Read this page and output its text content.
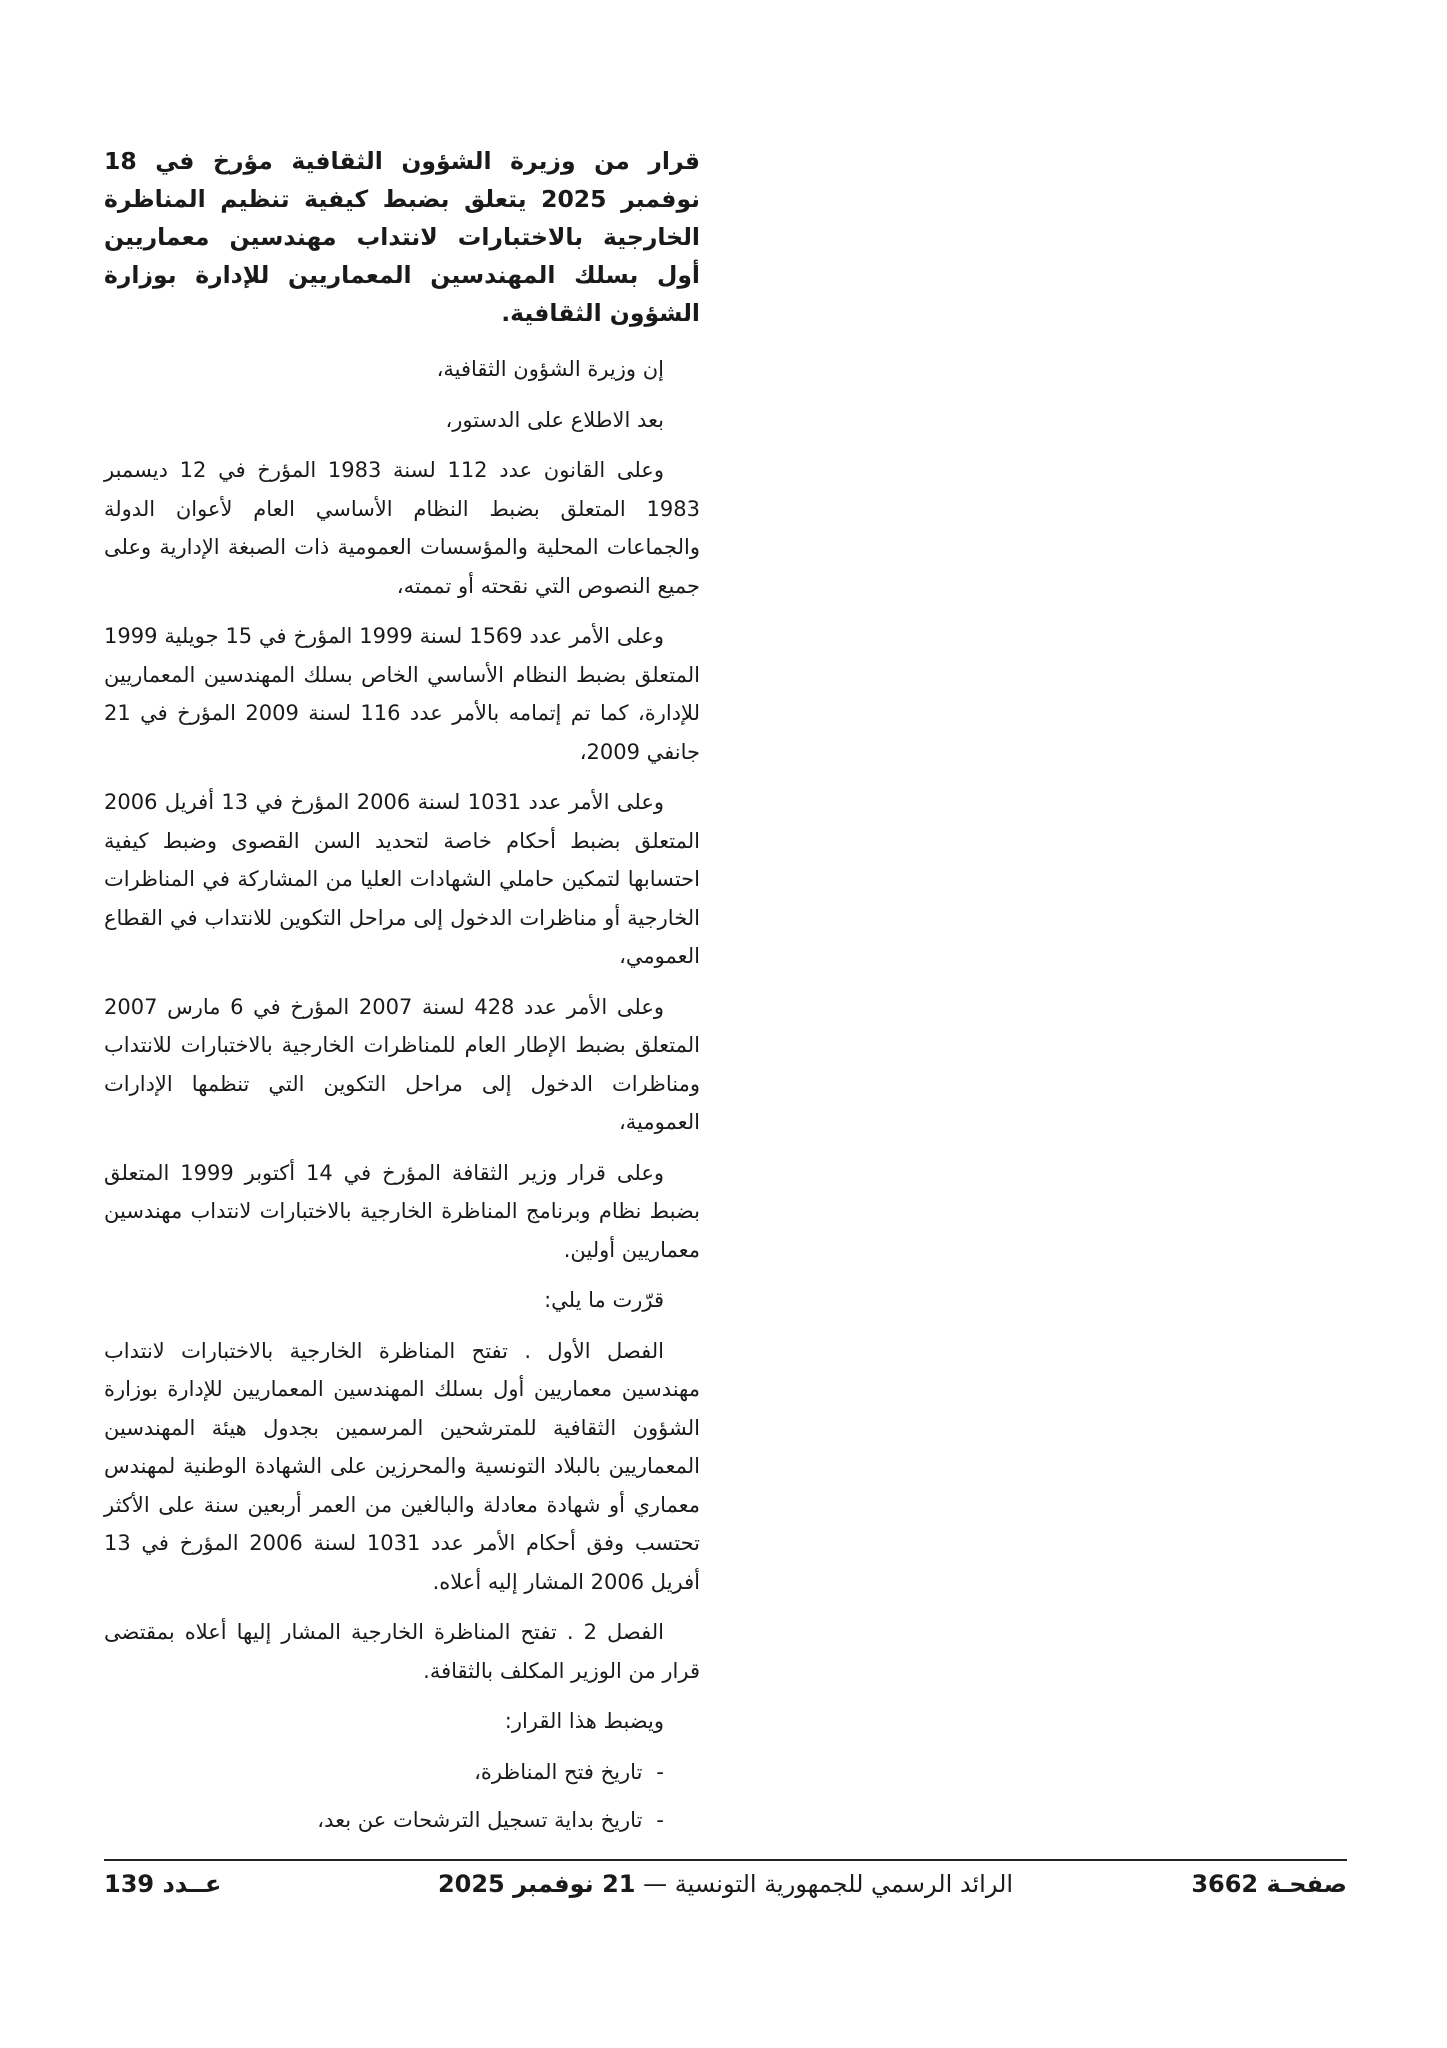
قرار من وزيرة الشؤون الثقافية مؤرخ في 18 نوفمبر 2025 يتعلق بضبط كيفية تنظيم المناظرة الخارجية بالاختبارات لانتداب مهندسين معماريين أول بسلك المهندسين المعماريين للإدارة بوزارة الشؤون الثقافية.

إن وزيرة الشؤون الثقافية،

بعد الاطلاع على الدستور،

وعلى القانون عدد 112 لسنة 1983 المؤرخ في 12 ديسمبر 1983 المتعلق بضبط النظام الأساسي العام لأعوان الدولة والجماعات المحلية والمؤسسات العمومية ذات الصبغة الإدارية وعلى جميع النصوص التي نقحته أو تممته،

وعلى الأمر عدد 1569 لسنة 1999 المؤرخ في 15 جويلية 1999 المتعلق بضبط النظام الأساسي الخاص بسلك المهندسين المعماريين للإدارة، كما تم إتمامه بالأمر عدد 116 لسنة 2009 المؤرخ في 21 جانفي 2009،

وعلى الأمر عدد 1031 لسنة 2006 المؤرخ في 13 أفريل 2006 المتعلق بضبط أحكام خاصة لتحديد السن القصوى وضبط كيفية احتسابها لتمكين حاملي الشهادات العليا من المشاركة في المناظرات الخارجية أو مناظرات الدخول إلى مراحل التكوين للانتداب في القطاع العمومي،

وعلى الأمر عدد 428 لسنة 2007 المؤرخ في 6 مارس 2007 المتعلق بضبط الإطار العام للمناظرات الخارجية بالاختبارات للانتداب ومناظرات الدخول إلى مراحل التكوين التي تنظمها الإدارات العمومية،

وعلى قرار وزير الثقافة المؤرخ في 14 أكتوبر 1999 المتعلق بضبط نظام وبرنامج المناظرة الخارجية بالاختبارات لانتداب مهندسين معماريين أولين.

قرّرت ما يلي:

الفصل الأول . تفتح المناظرة الخارجية بالاختبارات لانتداب مهندسين معماريين أول بسلك المهندسين المعماريين للإدارة بوزارة الشؤون الثقافية للمترشحين المرسمين بجدول هيئة المهندسين المعماريين بالبلاد التونسية والمحرزين على الشهادة الوطنية لمهندس معماري أو شهادة معادلة والبالغين من العمر أربعين سنة على الأكثر تحتسب وفق أحكام الأمر عدد 1031 لسنة 2006 المؤرخ في 13 أفريل 2006 المشار إليه أعلاه.

الفصل 2 . تفتح المناظرة الخارجية المشار إليها أعلاه بمقتضى قرار من الوزير المكلف بالثقافة.

ويضبط هذا القرار:

-
تاريخ فتح المناظرة،
-
تاريخ بداية تسجيل الترشحات عن بعد،
صفحـة 3662
الرائد الرسمي للجمهورية التونسية — 21 نوفمبر 2025
عــدد 139
